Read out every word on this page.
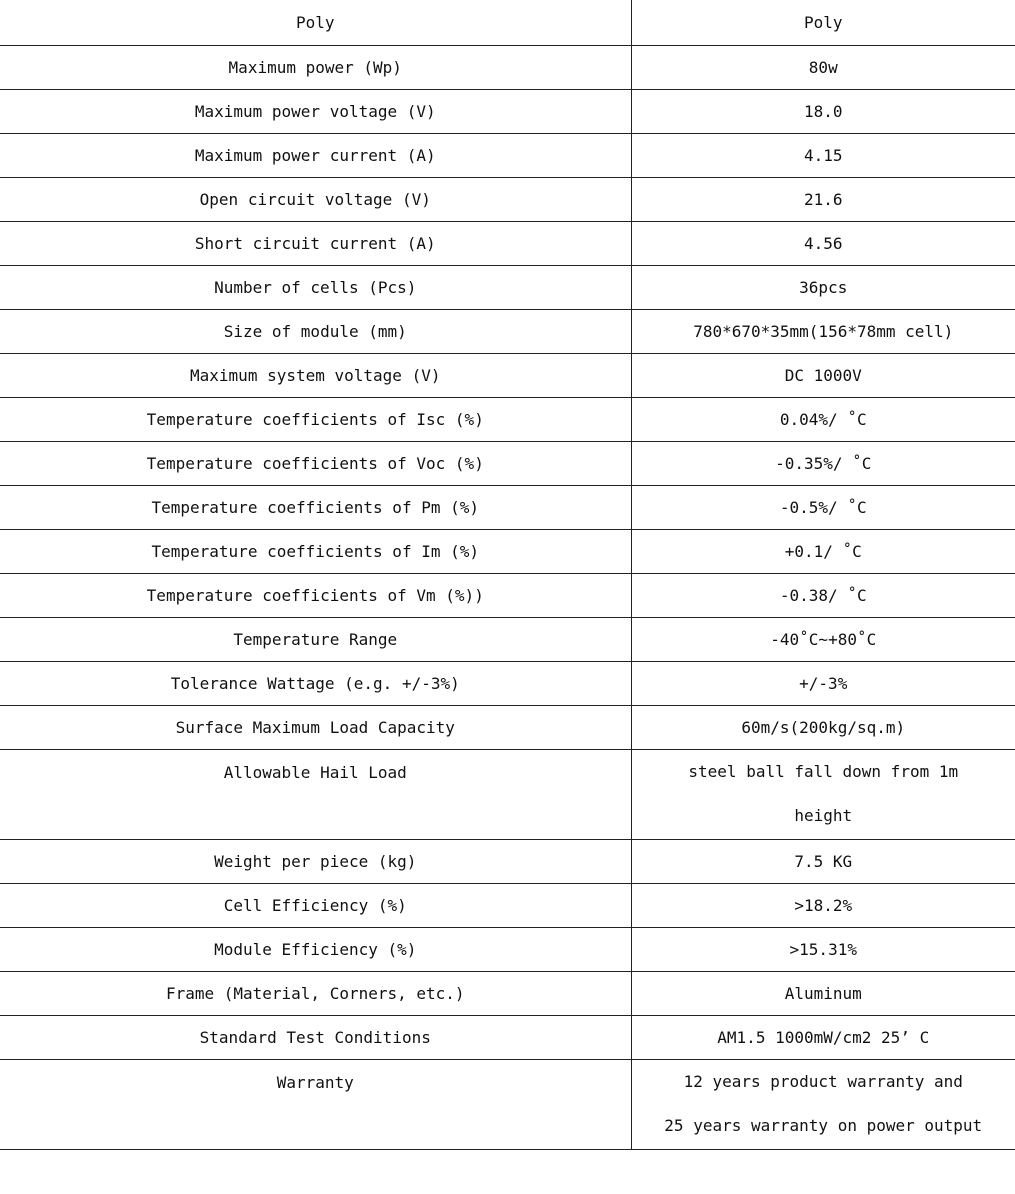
Poly	Poly
Maximum power (Wp)	80w
Maximum power voltage (V)	18.0
Maximum power current (A)	4.15
Open circuit voltage (V)	21.6
Short circuit current (A)	4.56
Number of cells (Pcs)	36pcs
Size of module (mm)	780*670*35mm(156*78mm cell)
Maximum system voltage (V)	DC 1000V
Temperature coefficients of Isc (%)	0.04%/ ˚C
Temperature coefficients of Voc (%)	-0.35%/ ˚C
Temperature coefficients of Pm (%)	-0.5%/ ˚C
Temperature coefficients of Im (%)	+0.1/ ˚C
Temperature coefficients of Vm (%))	-0.38/ ˚C
Temperature Range	-40˚C~+80˚C
Tolerance Wattage (e.g. +/-3%)	+/-3%
Surface Maximum Load Capacity	60m/s(200kg/sq.m)
Allowable Hail Load	steel ball fall down from 1m
height

Weight per piece (kg)	7.5 KG
Cell Efficiency (%)	>18.2%
Module Efficiency (%)	>15.31%
Frame (Material, Corners, etc.)	Aluminum
Standard Test Conditions	AM1.5 1000mW/cm2 25’ C
Warranty	12 years product warranty and
25 years warranty on power output
